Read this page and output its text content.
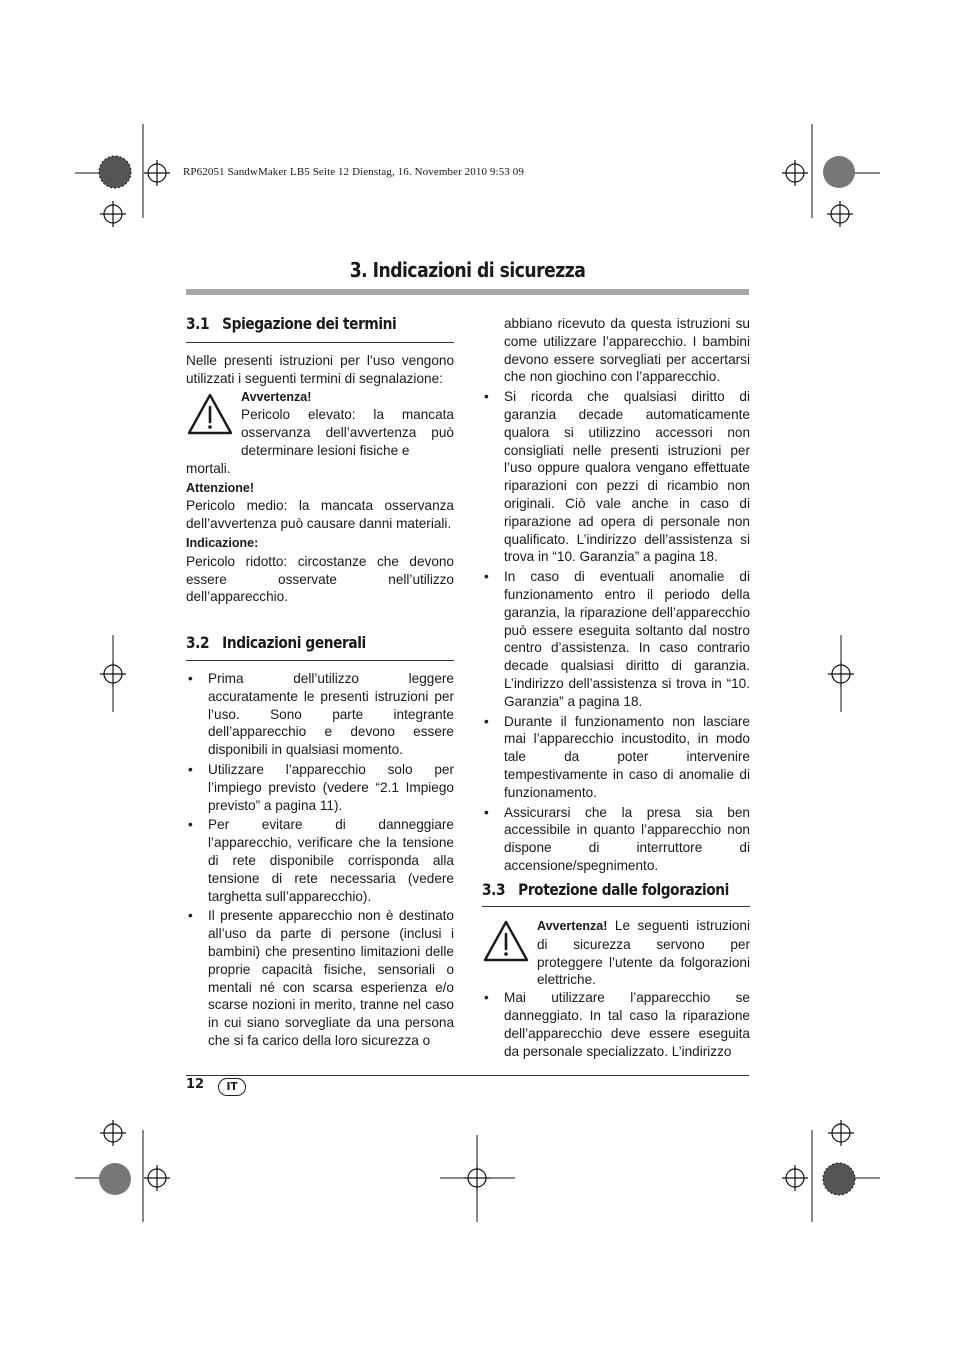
RP62051 SandwMaker LB5 Seite 12 Dienstag, 16. November 2010 9:53 09
3. Indicazioni di sicurezza
3.1 Spiegazione dei termini

Nelle presenti istruzioni per l’uso vengono utilizzati i seguenti termini di segnalazione:

Avvertenza!
Pericolo elevato: la mancata osservanza dell’avvertenza può determinare lesioni fisiche e
mortali.
Attenzione!

Pericolo medio: la mancata osservanza dell’avvertenza può causare danni materiali.

Indicazione:

Pericolo ridotto: circostanze che devono essere osservate nell’utilizzo dell’apparecchio.

3.2 Indicazioni generali
• Prima dell’utilizzo leggere accuratamente le presenti istruzioni per l’uso. Sono parte integrante dell’apparecchio e devono essere disponibili in qualsiasi momento.
• Utilizzare l’apparecchio solo per l’impiego previsto (vedere “2.1 Impiego previsto” a pagina 11).
• Per evitare di danneggiare l’apparecchio, verificare che la tensione di rete disponibile corrisponda alla tensione di rete necessaria (vedere targhetta sull’apparecchio).
• Il presente apparecchio non è destinato all’uso da parte di persone (inclusi i bambini) che presentino limitazioni delle proprie capacità fisiche, sensoriali o mentali né con scarsa esperienza e/o scarse nozioni in merito, tranne nel caso in cui siano sorvegliate da una persona che si fa carico della loro sicurezza o

abbiano ricevuto da questa istruzioni su come utilizzare l’apparecchio. I bambini devono essere sorvegliati per accertarsi che non giochino con l’apparecchio.

• Si ricorda che qualsiasi diritto di garanzia decade automaticamente qualora si utilizzino accessori non consigliati nelle presenti istruzioni per l’uso oppure qualora vengano effettuate riparazioni con pezzi di ricambio non originali. Ciò vale anche in caso di riparazione ad opera di personale non qualificato. L’indirizzo dell’assistenza si trova in “10. Garanzia” a pagina 18.
• In caso di eventuali anomalie di funzionamento entro il periodo della garanzia, la riparazione dell’apparecchio può essere eseguita soltanto dal nostro centro d’assistenza. In caso contrario decade qualsiasi diritto di garanzia. L’indirizzo dell’assistenza si trova in “10. Garanzia” a pagina 18.
• Durante il funzionamento non lasciare mai l’apparecchio incustodito, in modo tale da poter intervenire tempestivamente in caso di anomalie di funzionamento.
• Assicurarsi che la presa sia ben accessibile in quanto l’apparecchio non dispone di interruttore di accensione/spegnimento.
3.3 Protezione dalle folgorazioni
Avvertenza! Le seguenti istruzioni di sicurezza servono per proteggere l’utente da folgorazioni elettriche.
• Mai utilizzare l’apparecchio se danneggiato. In tal caso la riparazione dell’apparecchio deve essere eseguita da personale specializzato. L’indirizzo
12	IT
